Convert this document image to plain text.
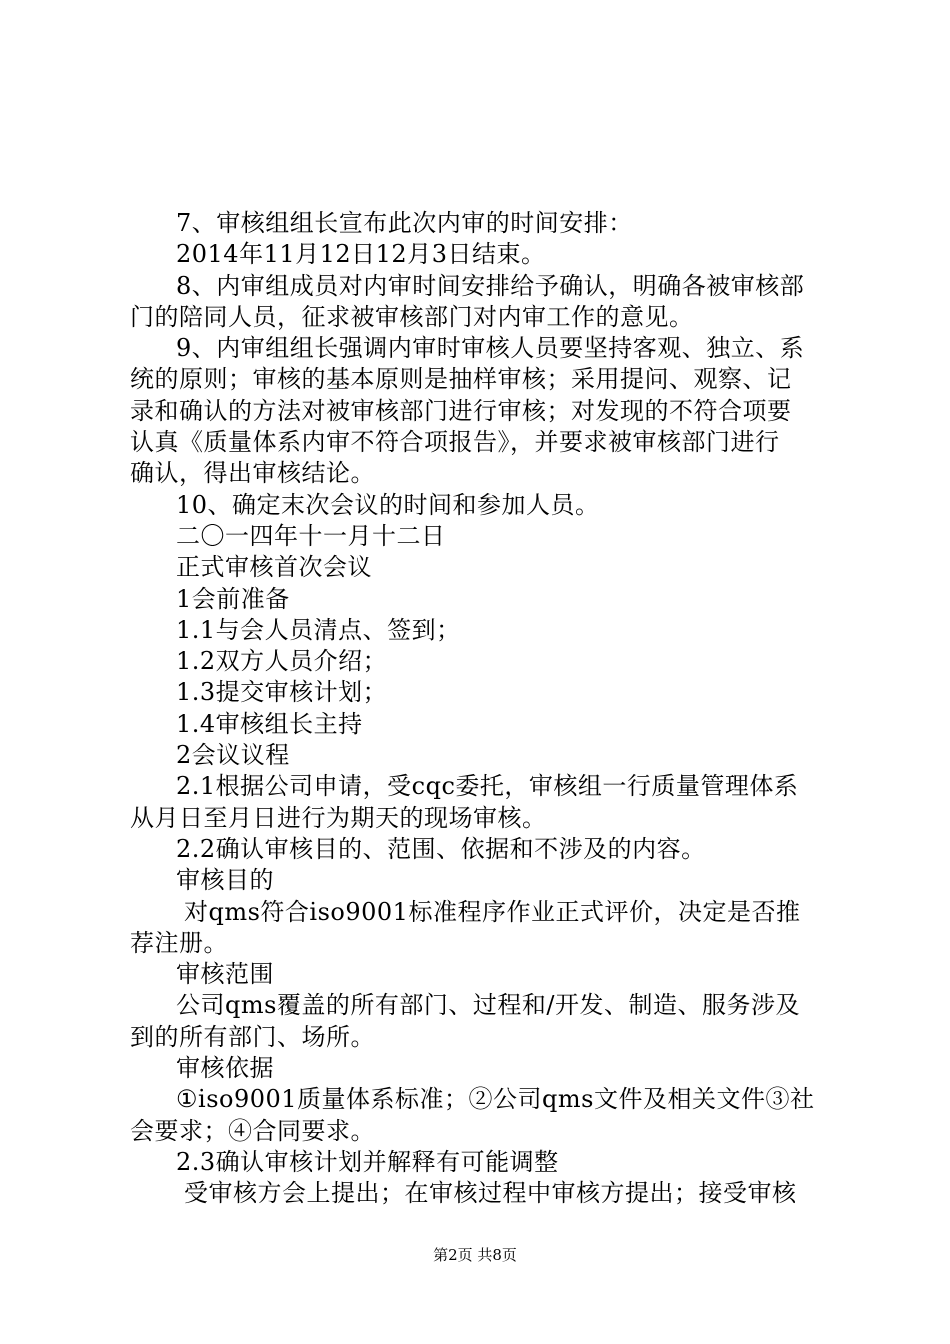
7、审核组组长宣布此次内审的时间安排：
2014年11月12日12月3日结束。
8、内审组成员对内审时间安排给予确认，明确各被审核部
门的陪同人员，征求被审核部门对内审工作的意见。
9、内审组组长强调内审时审核人员要坚持客观、独立、系
统的原则；审核的基本原则是抽样审核；采用提问、观察、记
录和确认的方法对被审核部门进行审核；对发现的不符合项要
认真《质量体系内审不符合项报告》，并要求被审核部门进行
确认，得出审核结论。
10、确定末次会议的时间和参加人员。
二〇一四年十一月十二日
正式审核首次会议
1会前准备
1.1与会人员清点、签到；
1.2双方人员介绍；
1.3提交审核计划；
1.4审核组长主持
2会议议程
2.1根据公司申请，受cqc委托，审核组一行质量管理体系
从月日至月日进行为期天的现场审核。
2.2确认审核目的、范围、依据和不涉及的内容。
审核目的
对qms符合iso9001标准程序作业正式评价，决定是否推
荐注册。
审核范围
公司qms覆盖的所有部门、过程和/开发、制造、服务涉及
到的所有部门、场所。
审核依据
①iso9001质量体系标准；②公司qms文件及相关文件③社
会要求；④合同要求。
2.3确认审核计划并解释有可能调整
受审核方会上提出；在审核过程中审核方提出；接受审核
第2页 共8页
